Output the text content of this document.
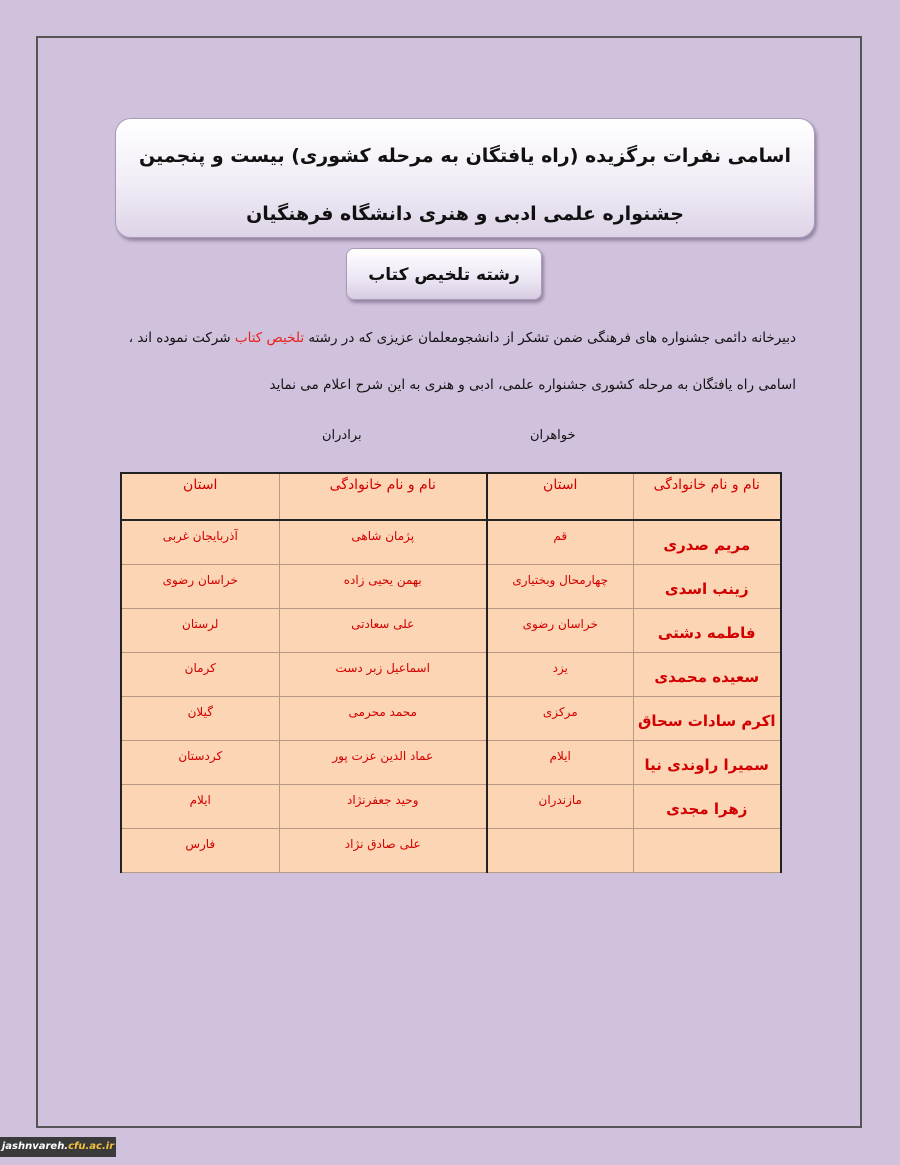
اسامی نفرات برگزیده (راه یافتگان به مرحله کشوری) بیست و پنجمین
جشنواره علمی ادبی و هنری دانشگاه فرهنگیان
رشته تلخیص کتاب
دبیرخانه دائمی جشنواره های فرهنگی ضمن تشکر از دانشجومعلمان عزیزی که در رشته تلخیص کتاب شرکت نموده اند ،
اسامی راه یافتگان به مرحله کشوری جشنواره علمی، ادبی و هنری به این شرح اعلام می نماید
خواهران
برادران
نام و نام خانوادگی	استان	نام و نام خانوادگی	استان
مریم صدری	قم	پژمان شاهی	آذربایجان غربی
زینب اسدی	چهارمحال وبختیاری	بهمن یحیی زاده	خراسان رضوی
فاطمه دشتی	خراسان رضوی	علی سعادتی	لرستان
سعیده محمدی	یزد	اسماعیل زبر دست	کرمان
اکرم سادات سحاق	مرکزی	محمد محرمی	گیلان
سمیرا راوندی نیا	ایلام	عماد الدین عزت پور	کردستان
زهرا مجدی	مازندران	وحید جعفرنژاد	ایلام
		علی صادق نژاد	فارس
jashnvareh.cfu.ac.ir
